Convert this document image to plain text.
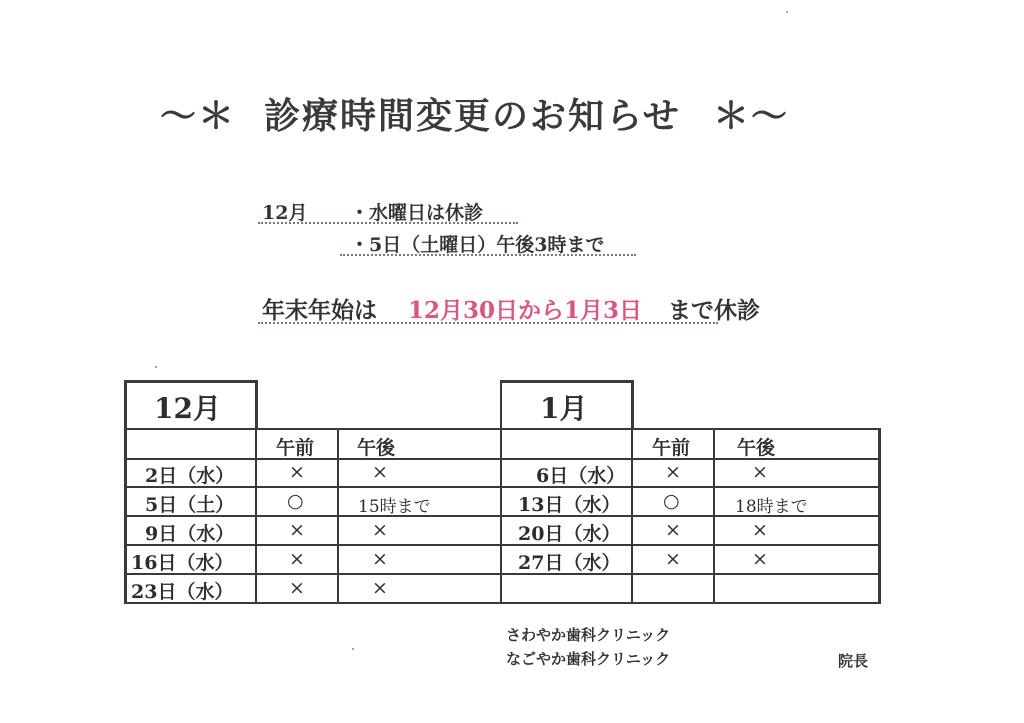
～＊ 診療時間変更のお知らせ ＊～
12月 ・水曜日は休診
・5日（土曜日）午後3時まで
年末年始は 12月30日から1月3日 まで休診
12月	1月
午前 午後	午前 午後
2日（水）	×	×
5日（土）	○	15時まで
9日（水）	×	×
16日（水）	×	×
23日（水）	×	×
6日（水） ×	×
13日（水） ○	18時まで
20日（水） ×	×
27日（水） ×	×
さわやか歯科クリニック
なごやか歯科クリニック	院長
